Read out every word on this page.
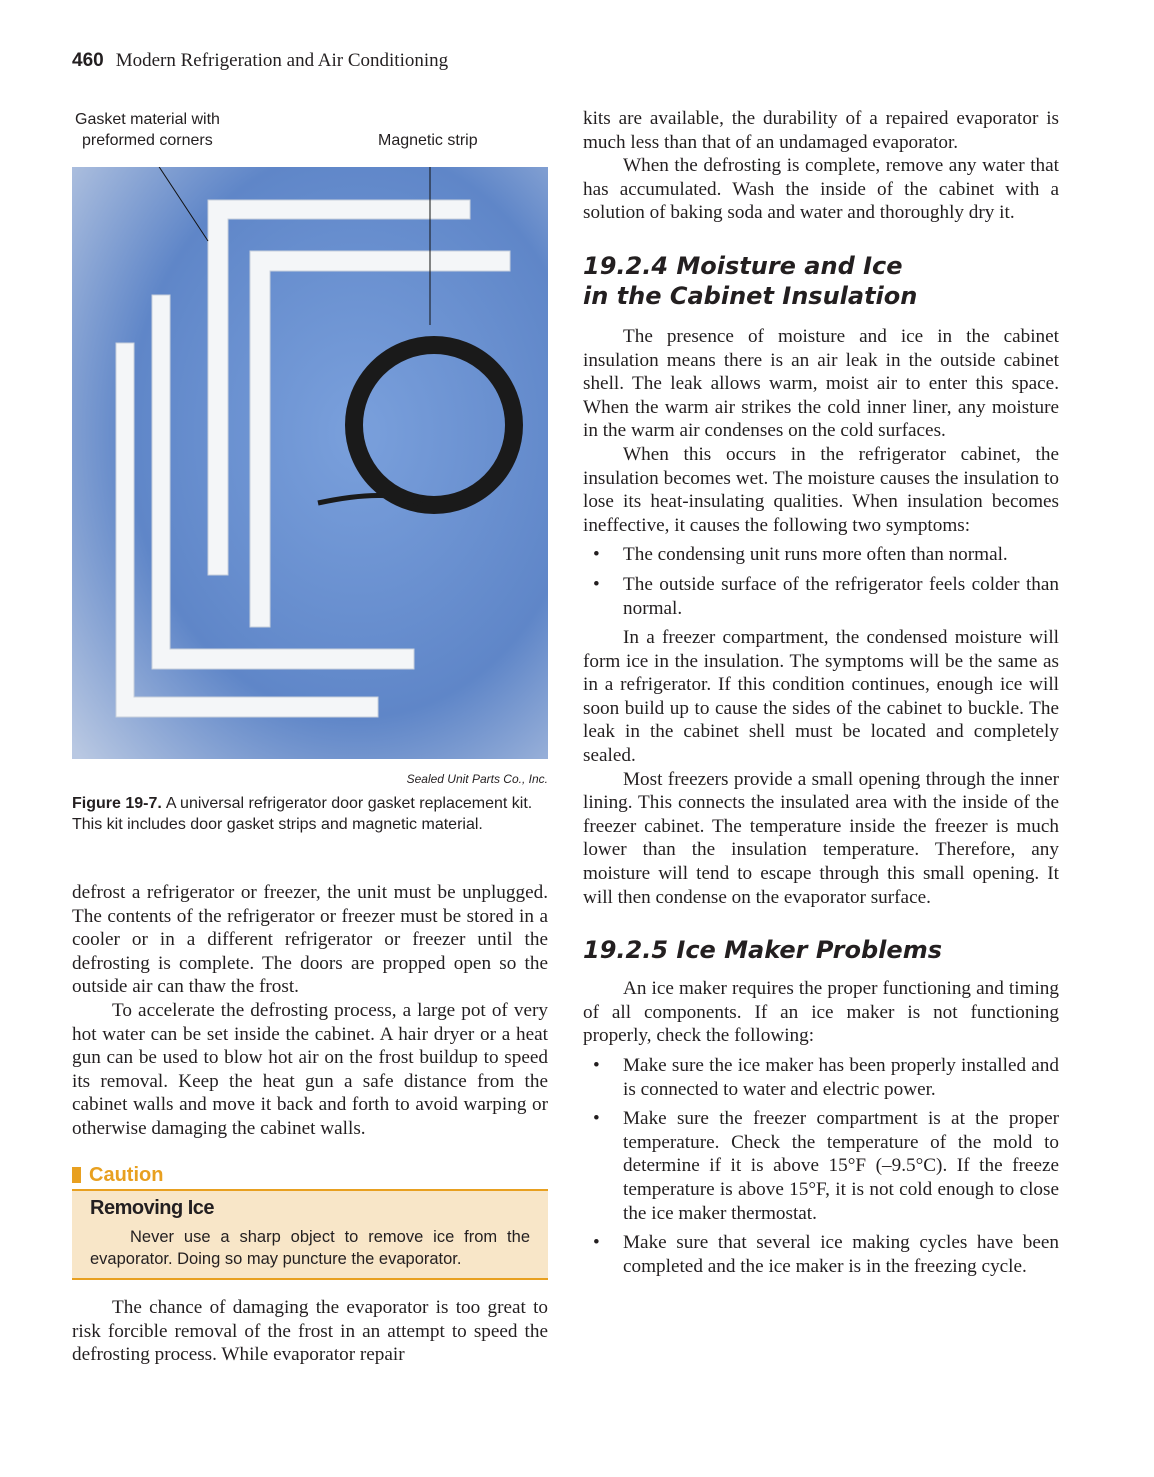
460 Modern Refrigeration and Air Conditioning
Gasket material with
preformed corners	Magnetic strip
Sealed Unit Parts Co., Inc.
Figure 19-7. A universal refrigerator door gasket replacement kit. This kit includes door gasket strips and magnetic material.

defrost a refrigerator or freezer, the unit must be unplugged. The contents of the refrigerator or freezer must be stored in a cooler or in a different refrigerator or freezer until the defrosting is complete. The doors are propped open so the outside air can thaw the frost.

To accelerate the defrosting process, a large pot of very hot water can be set inside the cabinet. A hair dryer or a heat gun can be used to blow hot air on the frost buildup to speed its removal. Keep the heat gun a safe distance from the cabinet walls and move it back and forth to avoid warping or otherwise damaging the cabinet walls.

Caution
Removing Ice

Never use a sharp object to remove ice from the evaporator. Doing so may puncture the evaporator.

The chance of damaging the evaporator is too great to risk forcible removal of the frost in an attempt to speed the defrosting process. While evaporator repair

kits are available, the durability of a repaired evaporator is much less than that of an undamaged evaporator.

When the defrosting is complete, remove any water that has accumulated. Wash the inside of the cabinet with a solution of baking soda and water and thoroughly dry it.

19.2.4 Moisture and Ice
in the Cabinet Insulation

The presence of moisture and ice in the cabinet insulation means there is an air leak in the outside cabinet shell. The leak allows warm, moist air to enter this space. When the warm air strikes the cold inner liner, any moisture in the warm air condenses on the cold surfaces.

When this occurs in the refrigerator cabinet, the insulation becomes wet. The moisture causes the insulation to lose its heat-insulating qualities. When insulation becomes ineffective, it causes the following two symptoms:

• The condensing unit runs more often than normal.
• The outside surface of the refrigerator feels colder than normal.

In a freezer compartment, the condensed moisture will form ice in the insulation. The symptoms will be the same as in a refrigerator. If this condition continues, enough ice will soon build up to cause the sides of the cabinet to buckle. The leak in the cabinet shell must be located and completely sealed.

Most freezers provide a small opening through the inner lining. This connects the insulated area with the inside of the freezer cabinet. The temperature inside the freezer is much lower than the insulation temperature. Therefore, any moisture will tend to escape through this small opening. It will then condense on the evaporator surface.

19.2.5 Ice Maker Problems

An ice maker requires the proper functioning and timing of all components. If an ice maker is not functioning properly, check the following:

• Make sure the ice maker has been properly installed and is connected to water and electric power.
• Make sure the freezer compartment is at the proper temperature. Check the temperature of the mold to determine if it is above 15°F (–9.5°C). If the freeze temperature is above 15°F, it is not cold enough to close the ice maker thermostat.
• Make sure that several ice making cycles have been completed and the ice maker is in the freezing cycle.
